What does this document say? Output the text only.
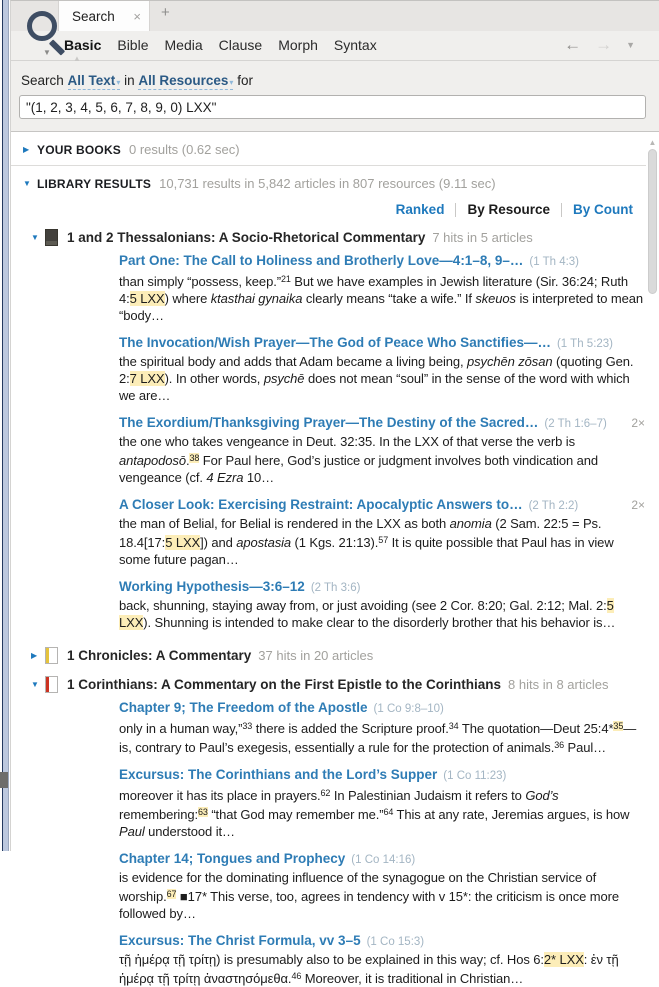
Search × +
▼
▲
Basic Bible Media Clause Morph Syntax	← → ▼
Search All Text▾ in All Resources▾ for
"(1, 2, 3, 4, 5, 6, 7, 8, 9, 0) LXX"
▶ YOUR BOOKS 0 results (0.62 sec)
▼ LIBRARY RESULTS 10,731 results in 5,842 articles in 807 resources (9.11 sec)
Ranked By Resource By Count
▼	1 and 2 Thessalonians: A Socio-Rhetorical Commentary 7 hits in 5 articles
Part One: The Call to Holiness and Brotherly Love—4:1–8, 9–… (1 Th 4:3)
than simply “possess, keep.”$^{21}$ But we have examples in Jewish literature (Sir. 36:24; Ruth 4:5 LXX) where ktasthai gynaika clearly means “take a wife.” If skeuos is interpreted to mean “body…
The Invocation/Wish Prayer—The God of Peace Who Sanctifies—… (1 Th 5:23)
the spiritual body and adds that Adam became a living being, psychēn zōsan (quoting Gen. 2:7 LXX). In other words, psychē does not mean “soul” in the sense of the word with which we are…
The Exordium/Thanksgiving Prayer—The Destiny of the Sacred… (2 Th 1:6–7) 2×
the one who takes vengeance in Deut. 32:35. In the LXX of that verse the verb is antapodosō.$^{38}$ For Paul here, God’s justice or judgment involves both vindication and vengeance (cf. 4 Ezra 10…
A Closer Look: Exercising Restraint: Apocalyptic Answers to… (2 Th 2:2)	2×
the man of Belial, for Belial is rendered in the LXX as both anomia (2 Sam. 22:5 = Ps. 18.4[17:5 LXX]) and apostasia (1 Kgs. 21:13).$^{57}$ It is quite possible that Paul has in view some future pagan…
Working Hypothesis—3:6–12 (2 Th 3:6)
back, shunning, staying away from, or just avoiding (see 2 Cor. 8:20; Gal. 2:12; Mal. 2:5 LXX). Shunning is intended to make clear to the disorderly brother that his behavior is…
▶	1 Chronicles: A Commentary 37 hits in 20 articles
▼	1 Corinthians: A Commentary on the First Epistle to the Corinthians 8 hits in 8 articles
Chapter 9; The Freedom of the Apostle (1 Co 9:8–10)
only in a human way,”$^{33}$ there is added the Scripture proof.$^{34}$ The quotation—Deut 25:4*$^{35}$—is, contrary to Paul’s exegesis, essentially a rule for the protection of animals.$^{36}$ Paul…
Excursus: The Corinthians and the Lord’s Supper (1 Co 11:23)
moreover it has its place in prayers.$^{62}$ In Palestinian Judaism it refers to God’s remembering:$^{63}$ “that God may remember me.”$^{64}$ This at any rate, Jeremias argues, is how Paul understood it…
Chapter 14; Tongues and Prophecy (1 Co 14:16)
is evidence for the dominating influence of the synagogue on the Christian service of worship.$^{67}$ ■17* This verse, too, agrees in tendency with v 15*: the criticism is once more followed by…
Excursus: The Christ Formula, vv 3–5 (1 Co 15:3)
τῇ ἡμέρᾳ τῇ τρίτῃ) is presumably also to be explained in this way; cf. Hos 6:2* LXX: ἐν τῇ ἡμέρᾳ τῇ τρίτῃ ἀναστησόμεθα.$^{46}$ Moreover, it is traditional in Christian…
▲
